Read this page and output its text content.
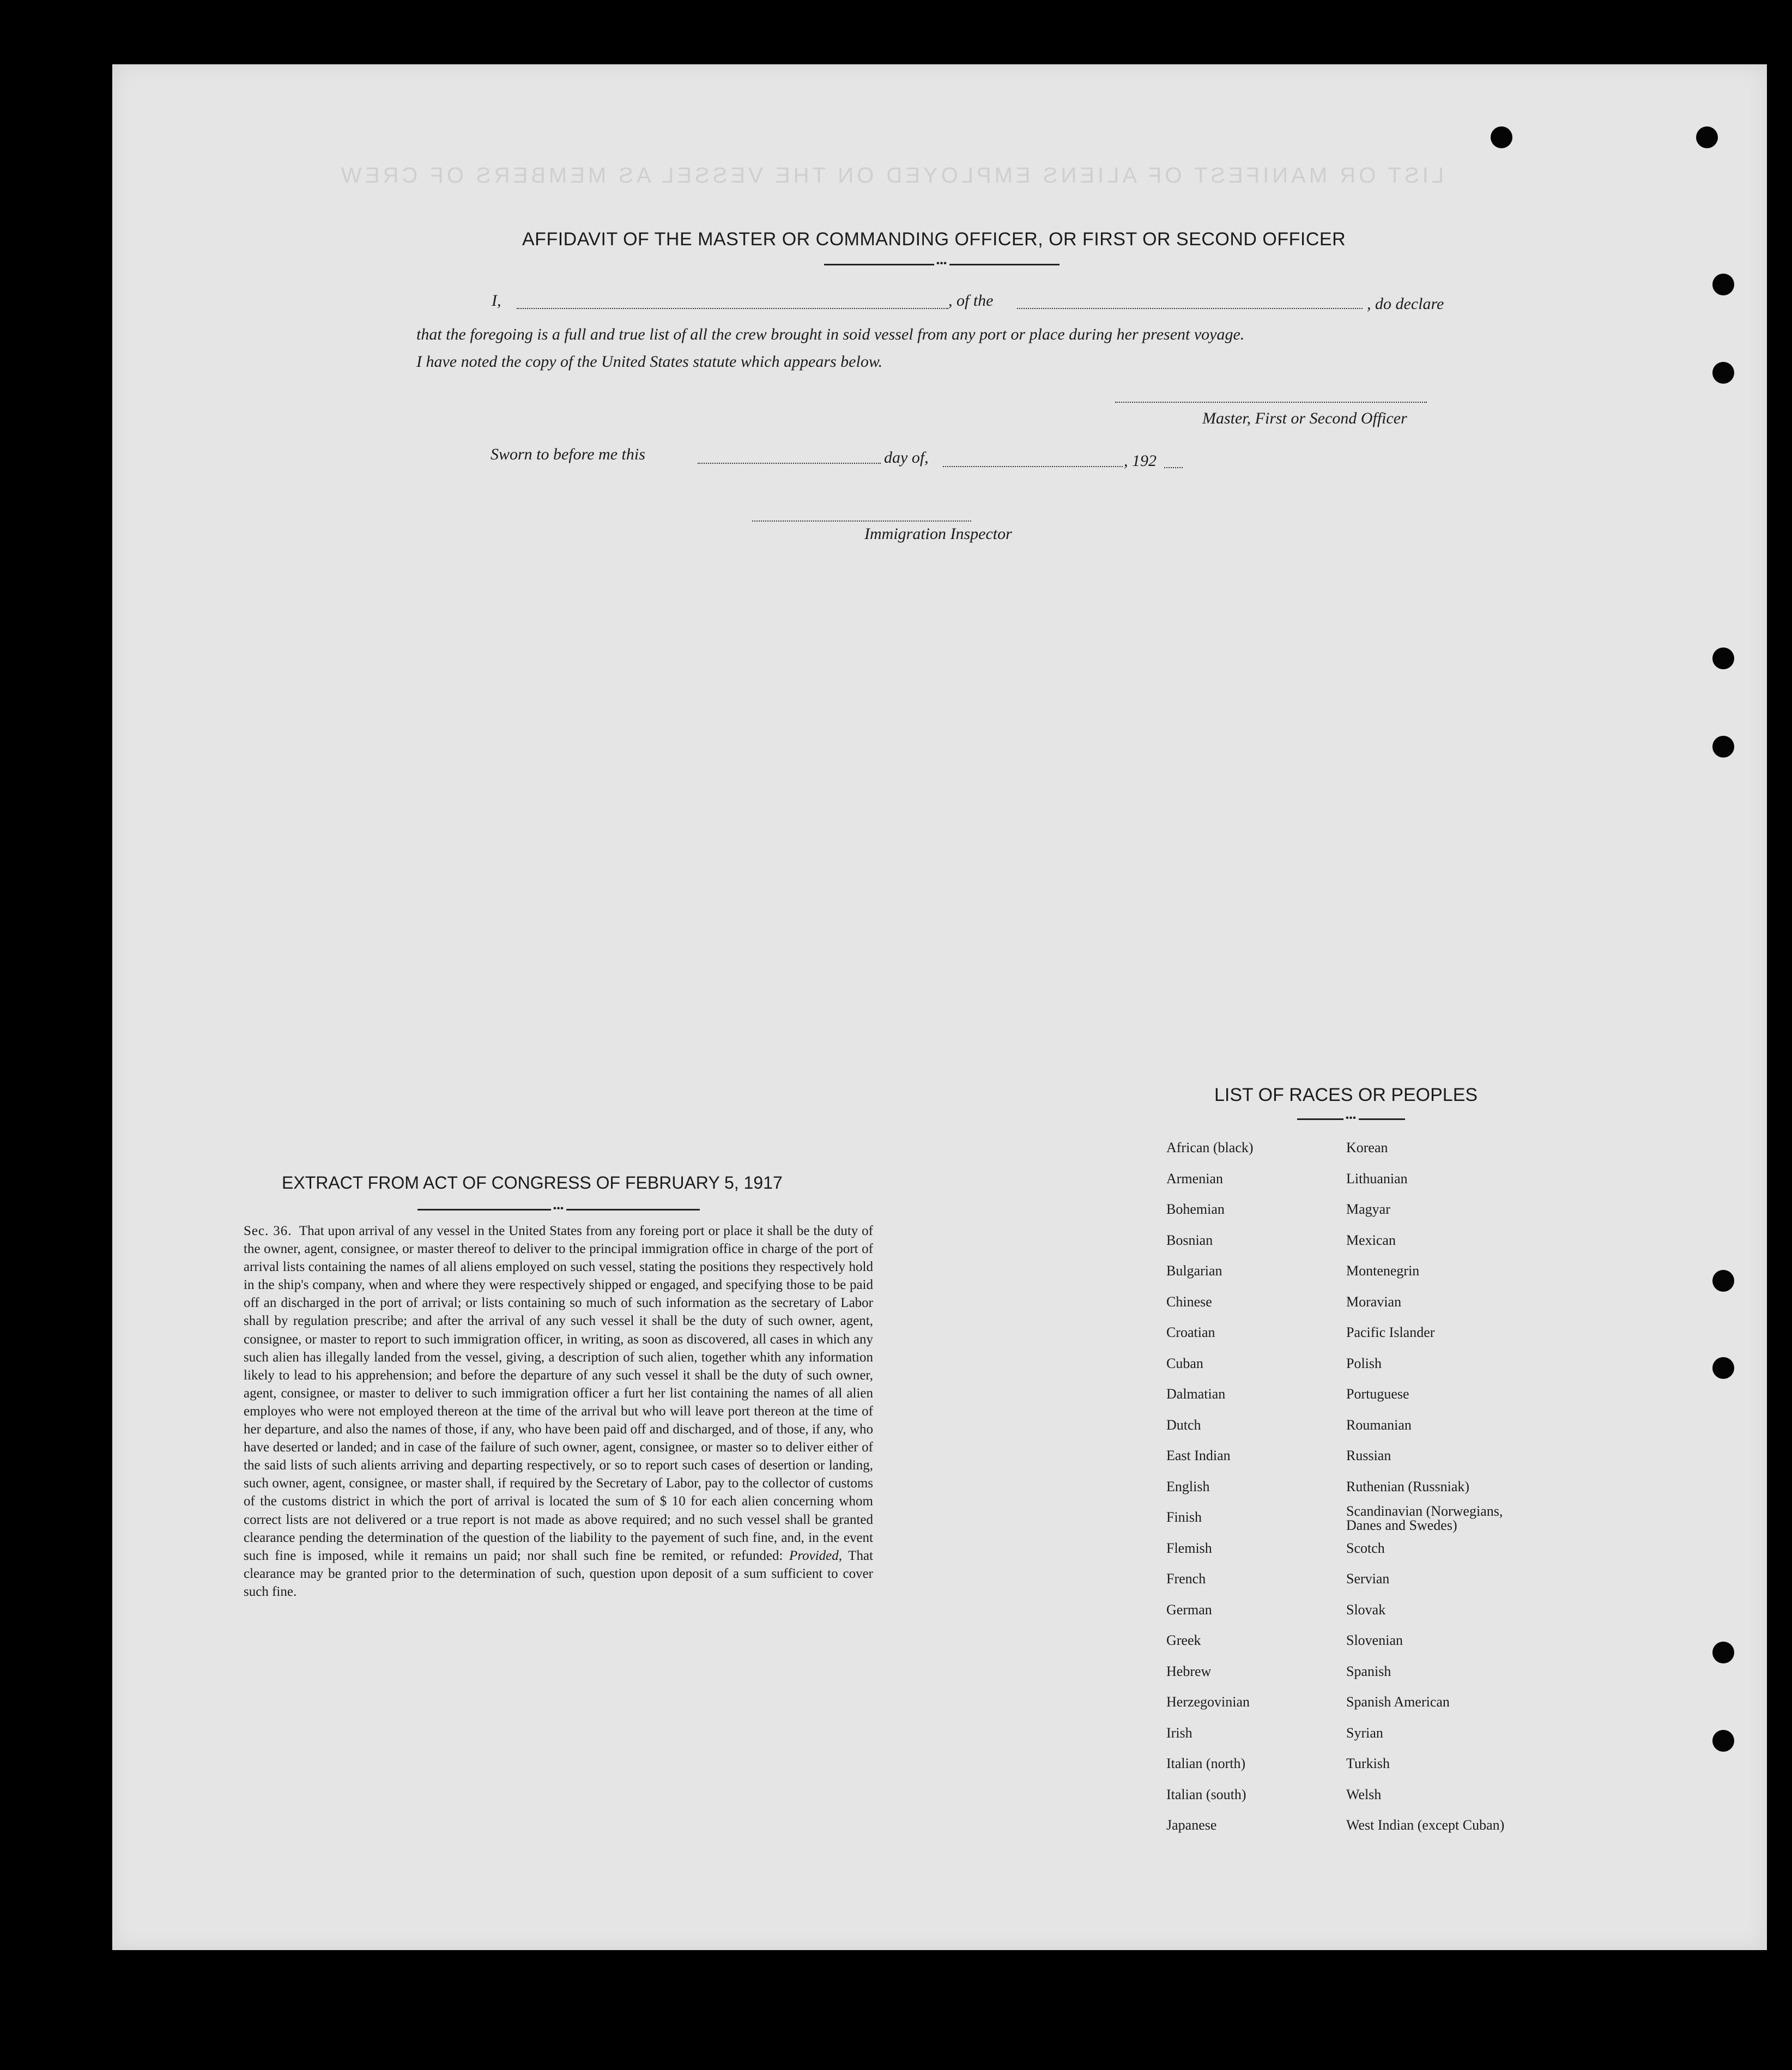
LIST OR MANIFEST OF ALIENS EMPLOYED ON THE VESSEL AS MEMBERS OF CREW
AFFIDAVIT OF THE MASTER OR COMMANDING OFFICER, OR FIRST OR SECOND OFFICER
•••
I,	, of the	, do declare
that the foregoing is a full and true list of all the crew brought in soid vessel from any port or place during her present voyage.
I have noted the copy of the United States statute which appears below.
Master, First or Second Officer
Sworn to before me this	day of,	, 192
Immigration Inspector
EXTRACT FROM ACT OF CONGRESS OF FEBRUARY 5, 1917
•••
Sec. 36. That upon arrival of any vessel in the United States from any foreing port or place it shall be the duty of the owner, agent, consignee, or master thereof to deliver to the principal immigration office in charge of the port of arrival lists containing the names of all aliens employed on such vessel, stating the positions they respectively hold in the ship's company, when and where they were respectively shipped or engaged, and specifying those to be paid off an discharged in the port of arrival; or lists containing so much of such information as the secretary of Labor shall by regulation prescribe; and after the arrival of any such vessel it shall be the duty of such owner, agent, consignee, or master to report to such immigration officer, in writing, as soon as discovered, all cases in which any such alien has illegally landed from the vessel, giving, a description of such alien, together whith any information likely to lead to his apprehension; and before the departure of any such vessel it shall be the duty of such owner, agent, consignee, or master to deliver to such immigration officer a furt her list containing the names of all alien employes who were not employed thereon at the time of the arrival but who will leave port thereon at the time of her departure, and also the names of those, if any, who have been paid off and discharged, and of those, if any, who have deserted or landed; and in case of the failure of such owner, agent, consignee, or master so to deliver either of the said lists of such alients arriving and departing respectively, or so to report such cases of desertion or landing, such owner, agent, consignee, or master shall, if required by the Secretary of Labor, pay to the collector of customs of the customs district in which the port of arrival is located the sum of $ 10 for each alien concerning whom correct lists are not delivered or a true report is not made as above required; and no such vessel shall be granted clearance pending the determination of the question of the liability to the payement of such fine, and, in the event such fine is imposed, while it remains un paid; nor shall such fine be remited, or refunded: Provided, That clearance may be granted prior to the determination of such, question upon deposit of a sum sufficient to cover such fine.
LIST OF RACES OR PEOPLES
•••
African (black)
Armenian
Bohemian
Bosnian
Bulgarian
Chinese
Croatian
Cuban
Dalmatian
Dutch
East Indian
English
Finish
Flemish
French
German
Greek
Hebrew
Herzegovinian
Irish
Italian (north)
Italian (south)
Japanese
Korean
Lithuanian
Magyar
Mexican
Montenegrin
Moravian
Pacific Islander
Polish
Portuguese
Roumanian
Russian
Ruthenian (Russniak)
Scandinavian (Norwegians, Danes and Swedes)
Scotch
Servian
Slovak
Slovenian
Spanish
Spanish American
Syrian
Turkish
Welsh
West Indian (except Cuban)
